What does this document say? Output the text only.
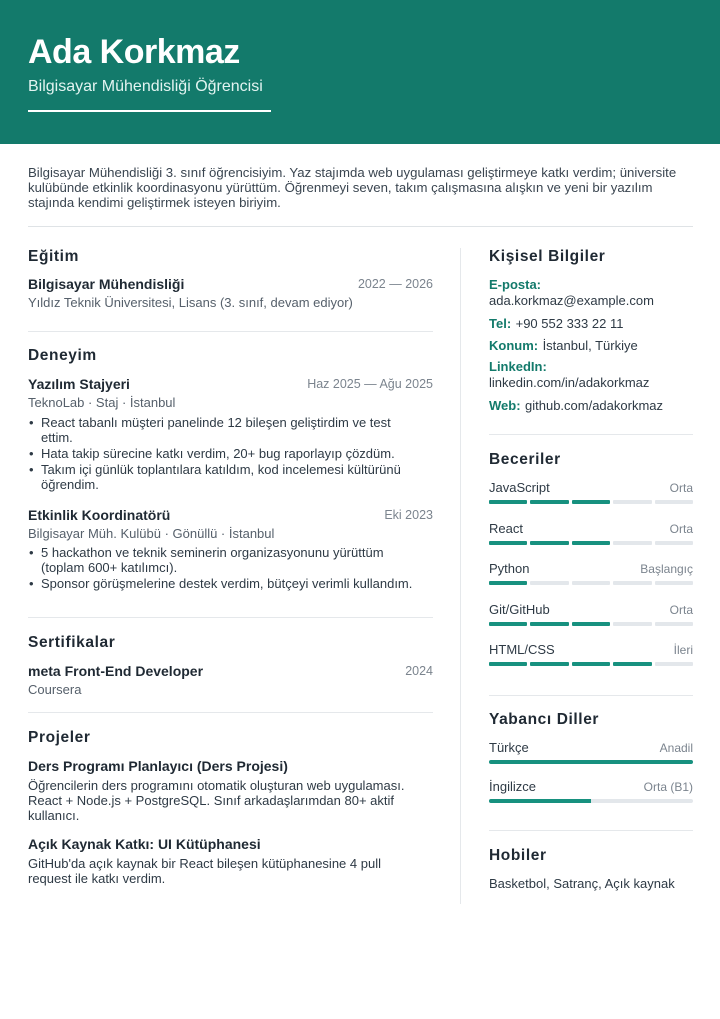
Ada Korkmaz
Bilgisayar Mühendisliği Öğrencisi
Bilgisayar Mühendisliği 3. sınıf öğrencisiyim. Yaz stajımda web uygulaması geliştirmeye katkı verdim; üniversite kulübünde etkinlik koordinasyonu yürüttüm. Öğrenmeyi seven, takım çalışmasına alışkın ve yeni bir yazılım stajında kendimi geliştirmek isteyen biriyim.
Eğitim
Bilgisayar Mühendisliği	2022 — 2026
Yıldız Teknik Üniversitesi, Lisans (3. sınıf, devam ediyor)
Deneyim
Yazılım Stajyeri	Haz 2025 — Ağu 2025
TeknoLab · Staj · İstanbul
• React tabanlı müşteri panelinde 12 bileşen geliştirdim ve test ettim.
• Hata takip sürecine katkı verdim, 20+ bug raporlayıp çözdüm.
• Takım içi günlük toplantılara katıldım, kod incelemesi kültürünü öğrendim.
Etkinlik Koordinatörü	Eki 2023
Bilgisayar Müh. Kulübü · Gönüllü · İstanbul
• 5 hackathon ve teknik seminerin organizasyonunu yürüttüm (toplam 600+ katılımcı).
• Sponsor görüşmelerine destek verdim, bütçeyi verimli kullandım.
Sertifikalar
meta Front-End Developer	2024
Coursera
Projeler
Ders Programı Planlayıcı (Ders Projesi)
Öğrencilerin ders programını otomatik oluşturan web uygulaması. React + Node.js + PostgreSQL. Sınıf arkadaşlarımdan 80+ aktif kullanıcı.
Açık Kaynak Katkı: UI Kütüphanesi
GitHub'da açık kaynak bir React bileşen kütüphanesine 4 pull request ile katkı verdim.
Kişisel Bilgiler
E-posta:
ada.korkmaz@example.com
Tel: +90 552 333 22 11
Konum: İstanbul, Türkiye
LinkedIn:
linkedin.com/in/adakorkmaz
Web: github.com/adakorkmaz
Beceriler
JavaScript	Orta
React	Orta
Python	Başlangıç
Git/GitHub	Orta
HTML/CSS	İleri
Yabancı Diller
Türkçe	Anadil
İngilizce	Orta (B1)
Hobiler
Basketbol, Satranç, Açık kaynak
